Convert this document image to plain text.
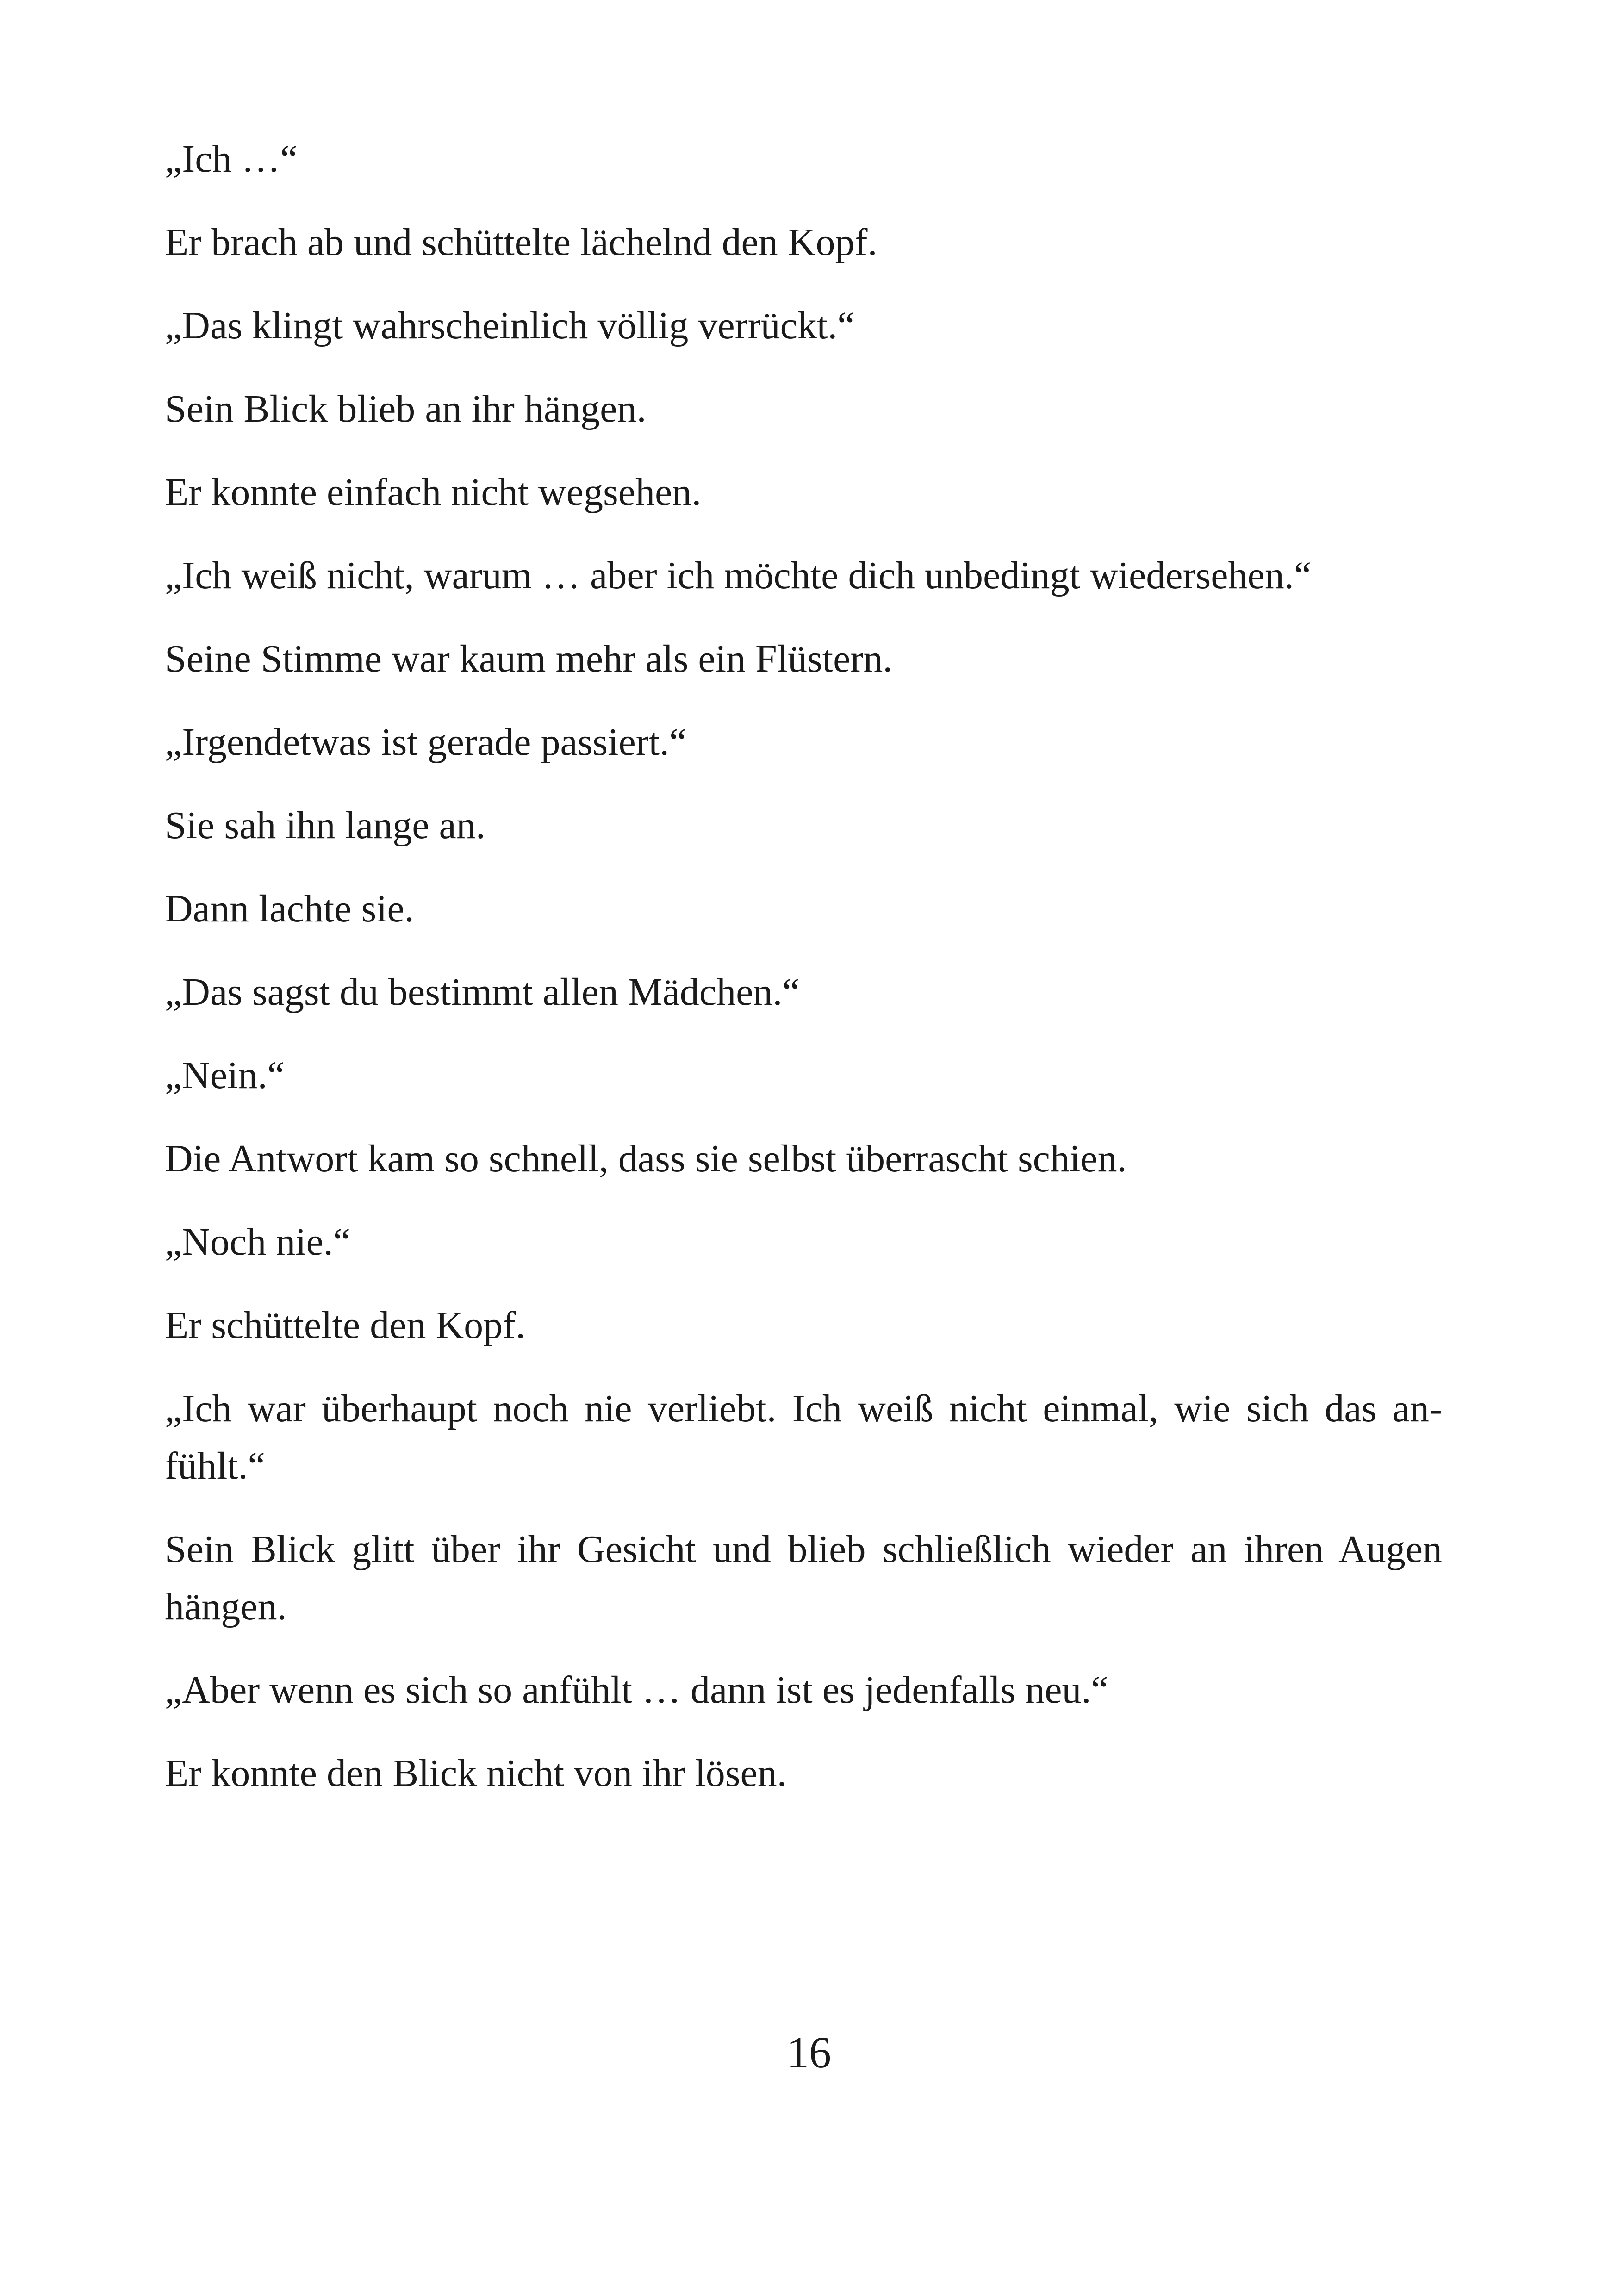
„Ich …“

Er brach ab und schüttelte lächelnd den Kopf.

„Das klingt wahrscheinlich völlig verrückt.“

Sein Blick blieb an ihr hängen.

Er konnte einfach nicht wegsehen.

„Ich weiß nicht, warum … aber ich möchte dich unbedingt wiedersehen.“

Seine Stimme war kaum mehr als ein Flüstern.

„Irgendetwas ist gerade passiert.“

Sie sah ihn lange an.

Dann lachte sie.

„Das sagst du bestimmt allen Mädchen.“

„Nein.“

Die Antwort kam so schnell, dass sie selbst überrascht schien.

„Noch nie.“

Er schüttelte den Kopf.

„Ich war überhaupt noch nie verliebt. Ich weiß nicht einmal, wie sich das anfühlt.“

Sein Blick glitt über ihr Gesicht und blieb schließlich wieder an ihren Augen hängen.

„Aber wenn es sich so anfühlt … dann ist es jedenfalls neu.“

Er konnte den Blick nicht von ihr lösen.

16
